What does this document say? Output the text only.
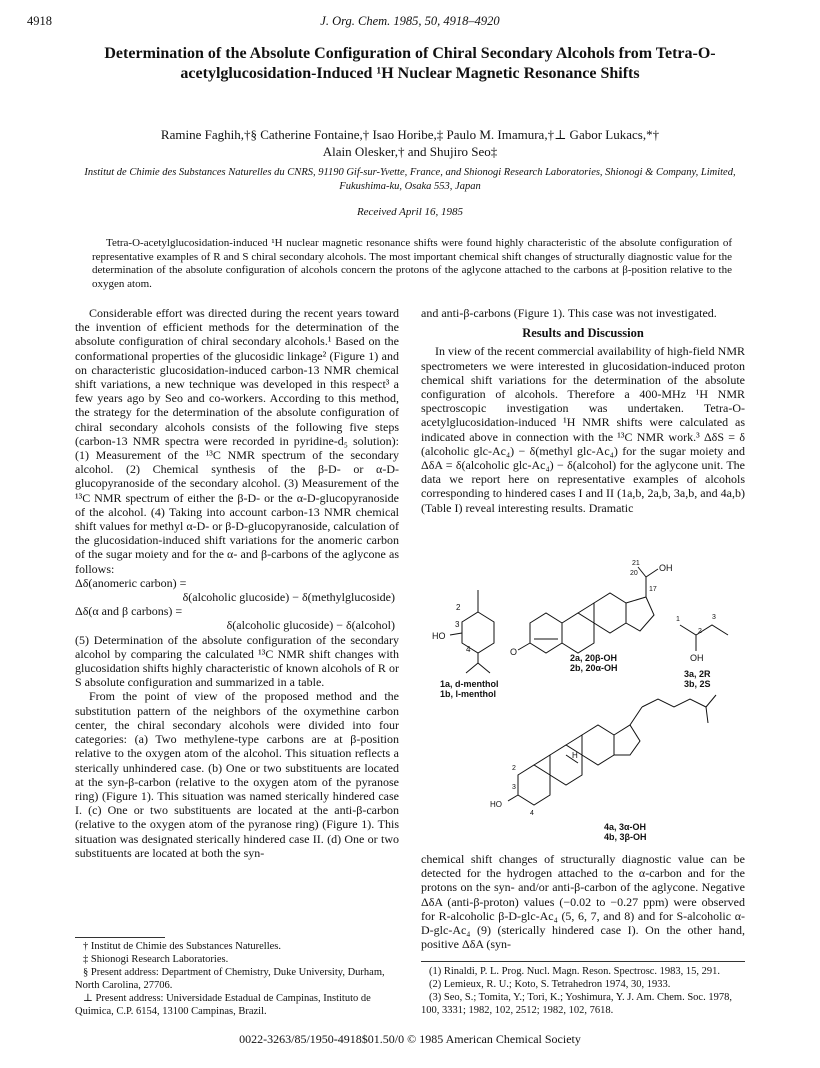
4918	J. Org. Chem. 1985, 50, 4918–4920
Determination of the Absolute Configuration of Chiral Secondary Alcohols from Tetra-O-acetylglucosidation-Induced ¹H Nuclear Magnetic Resonance Shifts
Ramine Faghih,†§ Catherine Fontaine,† Isao Horibe,‡ Paulo M. Imamura,†⊥ Gabor Lukacs,*†
Alain Olesker,† and Shujiro Seo‡
Institut de Chimie des Substances Naturelles du CNRS, 91190 Gif-sur-Yvette, France, and Shionogi Research Laboratories, Shionogi & Company, Limited, Fukushima-ku, Osaka 553, Japan
Received April 16, 1985
Tetra-O-acetylglucosidation-induced ¹H nuclear magnetic resonance shifts were found highly characteristic of the absolute configuration of representative examples of R and S chiral secondary alcohols. The most important chemical shift changes of structurally diagnostic value for the determination of the absolute configuration of alcohols concern the protons of the aglycone attached to the carbons at β-position relative to the oxygen atom.

Considerable effort was directed during the recent years toward the invention of efficient methods for the determination of the absolute configuration of chiral secondary alcohols.¹ Based on the conformational properties of the glucosidic linkage² (Figure 1) and on characteristic glucosidation-induced carbon-13 NMR chemical shift variations, a new technique was developed in this respect³ a few years ago by Seo and co-workers. According to this method, the strategy for the determination of the absolute configuration of chiral secondary alcohols consists of the following five steps (carbon-13 NMR spectra were recorded in pyridine-d₅ solution): (1) Measurement of the ¹³C NMR spectrum of the secondary alcohol. (2) Chemical synthesis of the β-D- or α-D-glucopyranoside of the secondary alcohol. (3) Measurement of the ¹³C NMR spectrum of either the β-D- or the α-D-glucopyranoside of the alcohol. (4) Taking into account carbon-13 NMR chemical shift values for methyl α-D- or β-D-glucopyranoside, calculation of the glucosidation-induced shift variations for the anomeric carbon of the sugar moiety and for the α- and β-carbons of the aglycone as follows:

Δδ(anomeric carbon) =

δ(alcoholic glucoside) − δ(methylglucoside)

Δδ(α and β carbons) =

δ(alcoholic glucoside) − δ(alcohol)

(5) Determination of the absolute configuration of the secondary alcohol by comparing the calculated ¹³C NMR shift changes with glucosidation shifts highly characteristic of known alcohols of R or S absolute configuration and summarized in a table.

From the point of view of the proposed method and the substitution pattern of the neighbors of the oxymethine carbon center, the chiral secondary alcohols were divided into four categories: (a) Two methylene-type carbons are at β-position relative to the oxygen atom of the alcohol. This situation reflects a sterically unhindered case. (b) One or two substituents are located at the syn-β-carbon (relative to the oxygen atom of the pyranose ring) (Figure 1). This situation was named sterically hindered case I. (c) One or two substituents are located at the anti-β-carbon (relative to the oxygen atom of the pyranose ring) (Figure 1). This situation was designated sterically hindered case II. (d) One or two substituents are located at both the syn-

† Institut de Chimie des Substances Naturelles.

‡ Shionogi Research Laboratories.

§ Present address: Department of Chemistry, Duke University, Durham, North Carolina, 27706.

⊥ Present address: Universidade Estadual de Campinas, Instituto de Quimica, C.P. 6154, 13100 Campinas, Brazil.

and anti-β-carbons (Figure 1). This case was not investigated.

Results and Discussion

In view of the recent commercial availability of high-field NMR spectrometers we were interested in glucosidation-induced proton chemical shift variations for the determination of the absolute configuration of alcohols. Therefore a 400-MHz ¹H NMR spectroscopic investigation was undertaken. Tetra-O-acetylglucosidation-induced ¹H NMR shifts were calculated as indicated above in connection with the ¹³C NMR work.³ ΔδS = δ (alcoholic glc-Ac₄) − δ(methyl glc-Ac₄) for the sugar moiety and ΔδA = δ(alcoholic glc-Ac₄) − δ(alcohol) for the aglycone unit. The data we report here on representative examples of alcohols corresponding to hindered cases I and II (1a,b, 2a,b, 3a,b, and 4a,b) (Table I) reveal interesting results. Dramatic

2
3
4
HO
1a, d-menthol
1b, l-menthol
O
21
20
OH
17
2a, 20β-OH
2b, 20α-OH
1
2
3
OH
3a, 2R
3b, 2S
H
2
3
4
HO
4a, 3α-OH
4b, 3β-OH

chemical shift changes of structurally diagnostic value can be detected for the hydrogen attached to the α-carbon and for the protons on the syn- and/or anti-β-carbon of the aglycone. Negative ΔδA (anti-β-proton) values (−0.02 to −0.27 ppm) were observed for R-alcoholic β-D-glc-Ac₄ (5, 6, 7, and 8) and for S-alcoholic α-D-glc-Ac₄ (9) (sterically hindered case I). On the other hand, positive ΔδA (syn-

(1) Rinaldi, P. L. Prog. Nucl. Magn. Reson. Spectrosc. 1983, 15, 291.

(2) Lemieux, R. U.; Koto, S. Tetrahedron 1974, 30, 1933.

(3) Seo, S.; Tomita, Y.; Tori, K.; Yoshimura, Y. J. Am. Chem. Soc. 1978, 100, 3331; 1982, 102, 2512; 1982, 102, 7618.

0022-3263/85/1950-4918$01.50/0 © 1985 American Chemical Society
